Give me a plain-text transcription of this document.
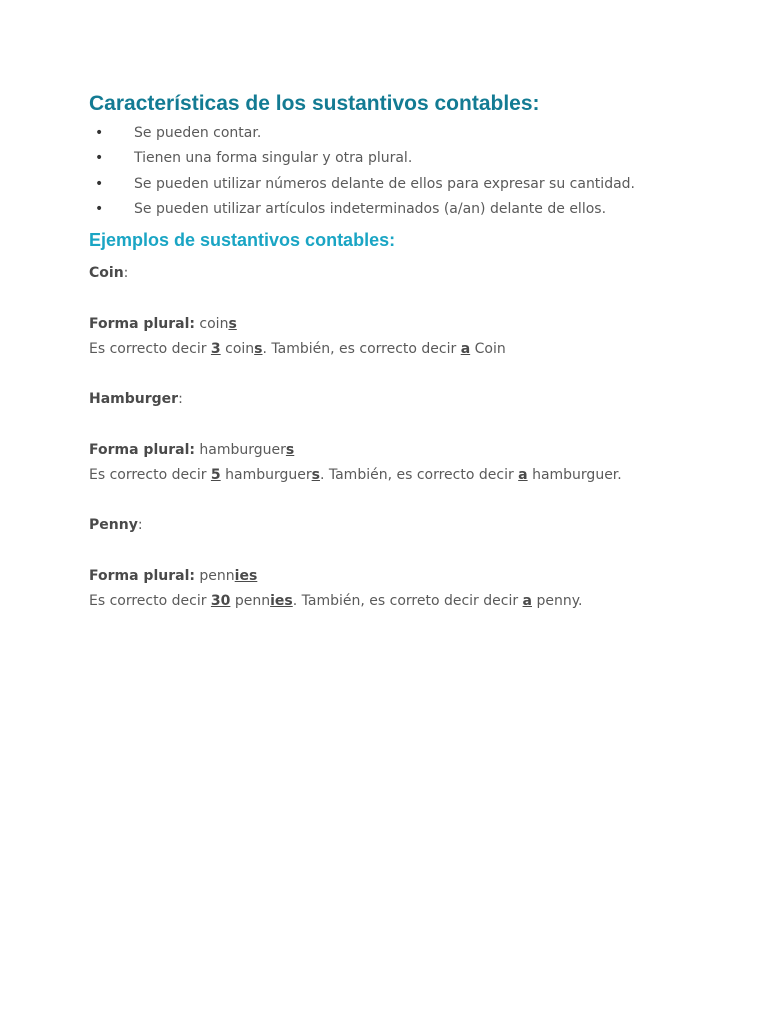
Características de los sustantivos contables:
• Se pueden contar.
• Tienen una forma singular y otra plural.
• Se pueden utilizar números delante de ellos para expresar su cantidad.
• Se pueden utilizar artículos indeterminados (a/an) delante de ellos.
Ejemplos de sustantivos contables:

Coin:

Forma plural: coins

Es correcto decir 3 coins. También, es correcto decir a Coin

Hamburger:

Forma plural: hamburguers

Es correcto decir 5 hamburguers. También, es correcto decir a hamburguer.

Penny:

Forma plural: pennies

Es correcto decir 30 pennies. También, es correto decir decir a penny.
